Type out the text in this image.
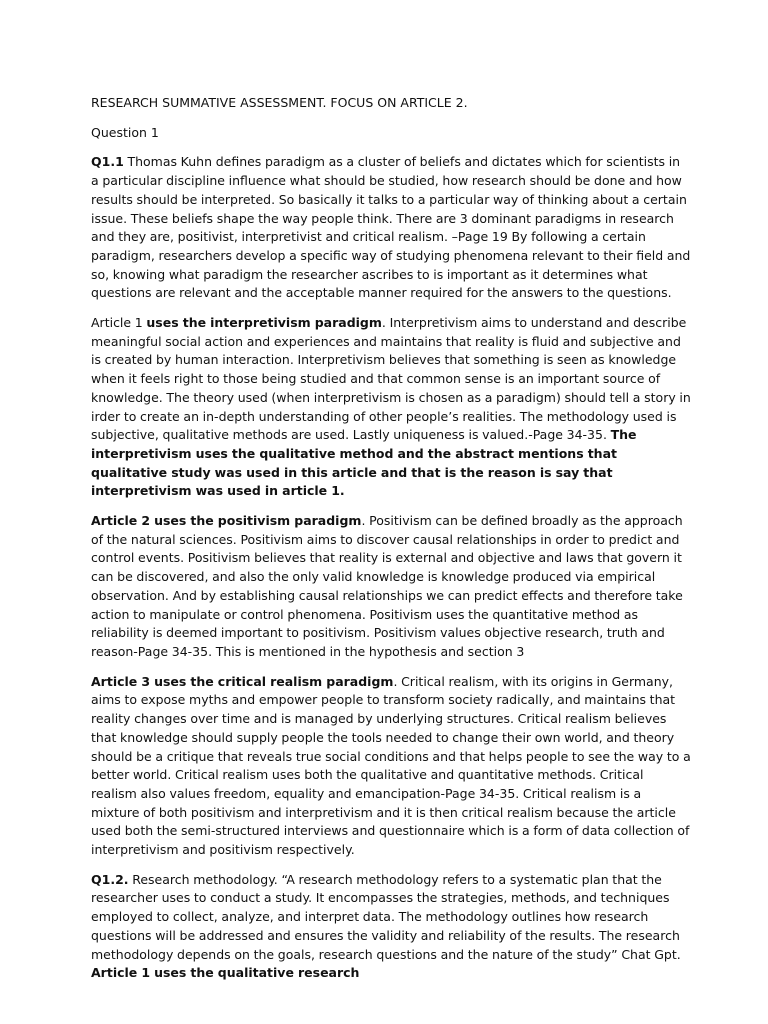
RESEARCH SUMMATIVE ASSESSMENT. FOCUS ON ARTICLE 2.

Question 1

Q1.1 Thomas Kuhn defines paradigm as a cluster of beliefs and dictates which for scientists in a particular discipline influence what should be studied, how research should be done and how results should be interpreted. So basically it talks to a particular way of thinking about a certain issue. These beliefs shape the way people think. There are 3 dominant paradigms in research and they are, positivist, interpretivist and critical realism. –Page 19 By following a certain paradigm, researchers develop a specific way of studying phenomena relevant to their field and so, knowing what paradigm the researcher ascribes to is important as it determines what questions are relevant and the acceptable manner required for the answers to the questions.

Article 1 uses the interpretivism paradigm. Interpretivism aims to understand and describe meaningful social action and experiences and maintains that reality is fluid and subjective and is created by human interaction. Interpretivism believes that something is seen as knowledge when it feels right to those being studied and that common sense is an important source of knowledge. The theory used (when interpretivism is chosen as a paradigm) should tell a story in irder to create an in-depth understanding of other people’s realities. The methodology used is subjective, qualitative methods are used. Lastly uniqueness is valued.-Page 34-35. The interpretivism uses the qualitative method and the abstract mentions that qualitative study was used in this article and that is the reason is say that interpretivism was used in article 1.

Article 2 uses the positivism paradigm. Positivism can be defined broadly as the approach of the natural sciences. Positivism aims to discover causal relationships in order to predict and control events. Positivism believes that reality is external and objective and laws that govern it can be discovered, and also the only valid knowledge is knowledge produced via empirical observation. And by establishing causal relationships we can predict effects and therefore take action to manipulate or control phenomena. Positivism uses the quantitative method as reliability is deemed important to positivism. Positivism values objective research, truth and reason-Page 34-35. This is mentioned in the hypothesis and section 3

Article 3 uses the critical realism paradigm. Critical realism, with its origins in Germany, aims to expose myths and empower people to transform society radically, and maintains that reality changes over time and is managed by underlying structures. Critical realism believes that knowledge should supply people the tools needed to change their own world, and theory should be a critique that reveals true social conditions and that helps people to see the way to a better world. Critical realism uses both the qualitative and quantitative methods. Critical realism also values freedom, equality and emancipation-Page 34-35. Critical realism is a mixture of both positivism and interpretivism and it is then critical realism because the article used both the semi-structured interviews and questionnaire which is a form of data collection of interpretivism and positivism respectively.

Q1.2. Research methodology. “A research methodology refers to a systematic plan that the researcher uses to conduct a study. It encompasses the strategies, methods, and techniques employed to collect, analyze, and interpret data. The methodology outlines how research questions will be addressed and ensures the validity and reliability of the results. The research methodology depends on the goals, research questions and the nature of the study” Chat Gpt. Article 1 uses the qualitative research
